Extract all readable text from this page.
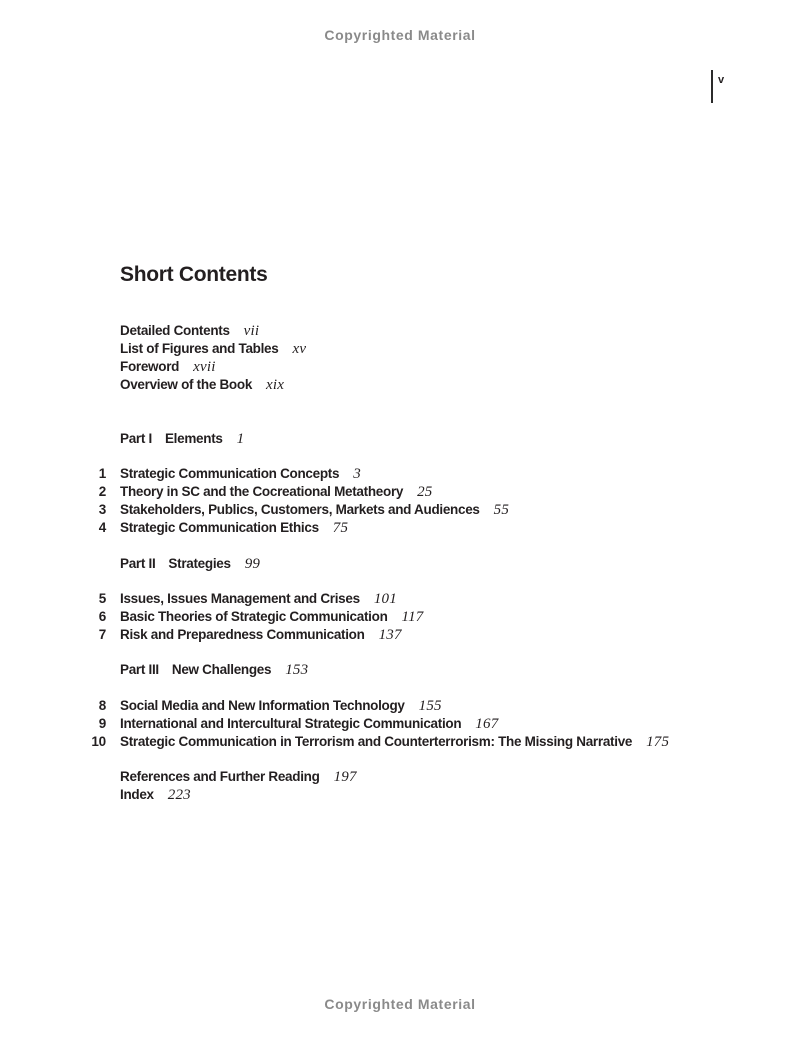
Copyrighted Material
v
Short Contents
Detailed Contents vii
List of Figures and Tables xv
Foreword xvii
Overview of the Book xix
Part I Elements 1
1 Strategic Communication Concepts 3
2 Theory in SC and the Cocreational Metatheory 25
3 Stakeholders, Publics, Customers, Markets and Audiences 55
4 Strategic Communication Ethics 75
Part II Strategies 99
5 Issues, Issues Management and Crises 101
6 Basic Theories of Strategic Communication 117
7 Risk and Preparedness Communication 137
Part III New Challenges 153
8 Social Media and New Information Technology 155
9 International and Intercultural Strategic Communication 167
10 Strategic Communication in Terrorism and Counterterrorism: The Missing Narrative 175
References and Further Reading 197
Index 223
Copyrighted Material
